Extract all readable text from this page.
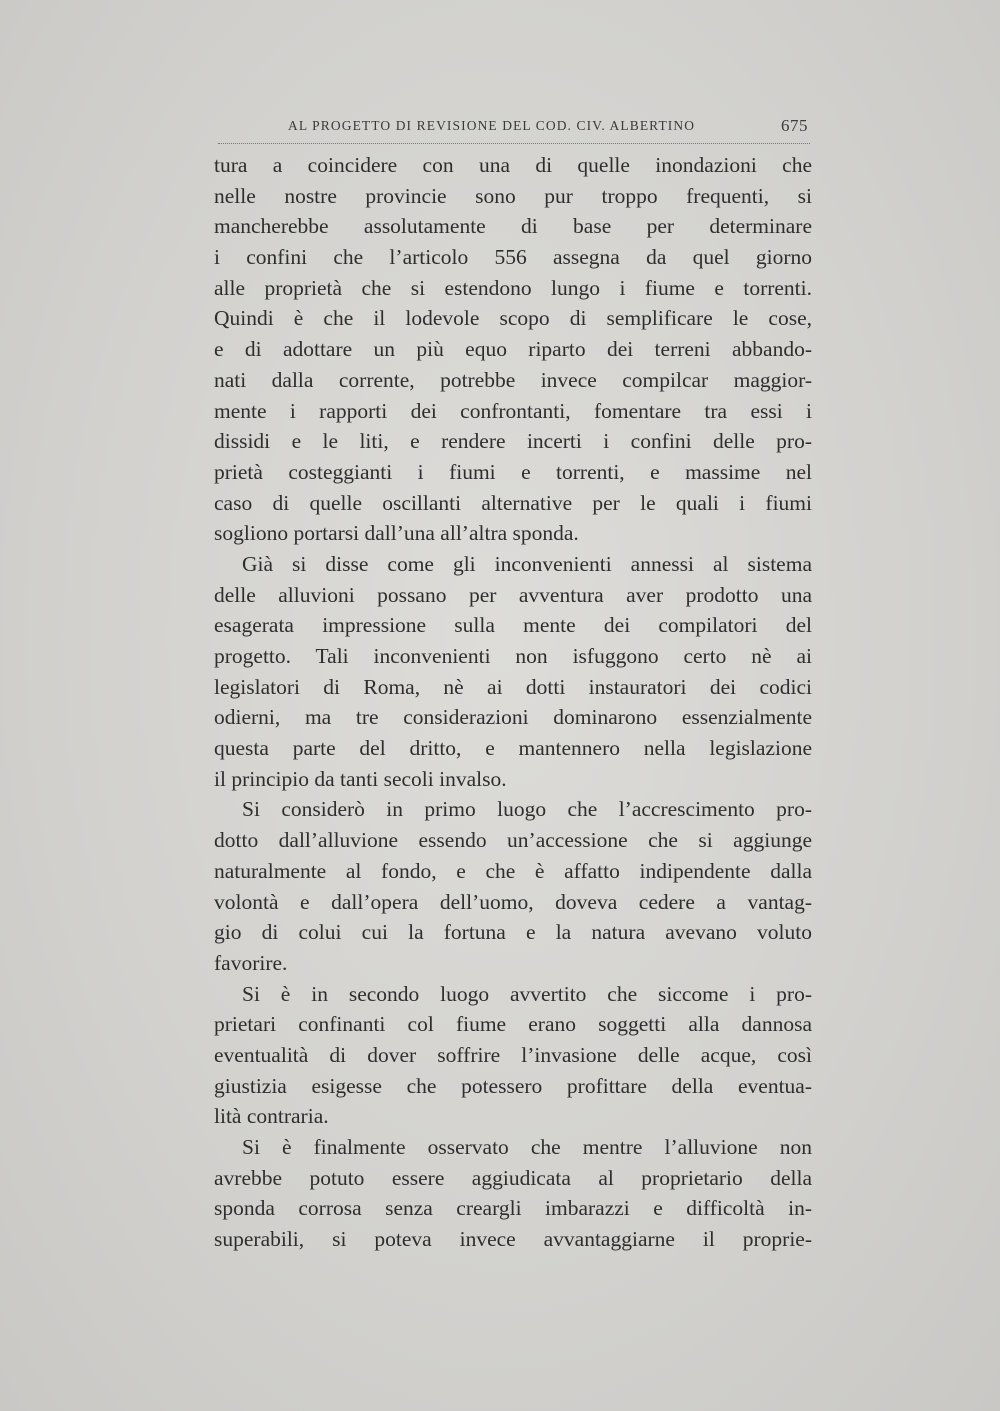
AL PROGETTO DI REVISIONE DEL COD. CIV. ALBERTINO	675
tura a coincidere con una di quelle inondazioni che
nelle nostre provincie sono pur troppo frequenti, si
mancherebbe assolutamente di base per determinare
i confini che l’articolo 556 assegna da quel giorno
alle proprietà che si estendono lungo i fiume e torrenti.
Quindi è che il lodevole scopo di semplificare le cose,
e di adottare un più equo riparto dei terreni abbando-
nati dalla corrente, potrebbe invece compilcar maggior-
mente i rapporti dei confrontanti, fomentare tra essi i
dissidi e le liti, e rendere incerti i confini delle pro-
prietà costeggianti i fiumi e torrenti, e massime nel
caso di quelle oscillanti alternative per le quali i fiumi
sogliono portarsi dall’una all’altra sponda.
Già si disse come gli inconvenienti annessi al sistema
delle alluvioni possano per avventura aver prodotto una
esagerata impressione sulla mente dei compilatori del
progetto. Tali inconvenienti non isfuggono certo nè ai
legislatori di Roma, nè ai dotti instauratori dei codici
odierni, ma tre considerazioni dominarono essenzialmente
questa parte del dritto, e mantennero nella legislazione
il principio da tanti secoli invalso.
Si considerò in primo luogo che l’accrescimento pro-
dotto dall’alluvione essendo un’accessione che si aggiunge
naturalmente al fondo, e che è affatto indipendente dalla
volontà e dall’opera dell’uomo, doveva cedere a vantag-
gio di colui cui la fortuna e la natura avevano voluto
favorire.
Si è in secondo luogo avvertito che siccome i pro-
prietari confinanti col fiume erano soggetti alla dannosa
eventualità di dover soffrire l’invasione delle acque, così
giustizia esigesse che potessero profittare della eventua-
lità contraria.
Si è finalmente osservato che mentre l’alluvione non
avrebbe potuto essere aggiudicata al proprietario della
sponda corrosa senza creargli imbarazzi e difficoltà in-
superabili, si poteva invece avvantaggiarne il proprie-
